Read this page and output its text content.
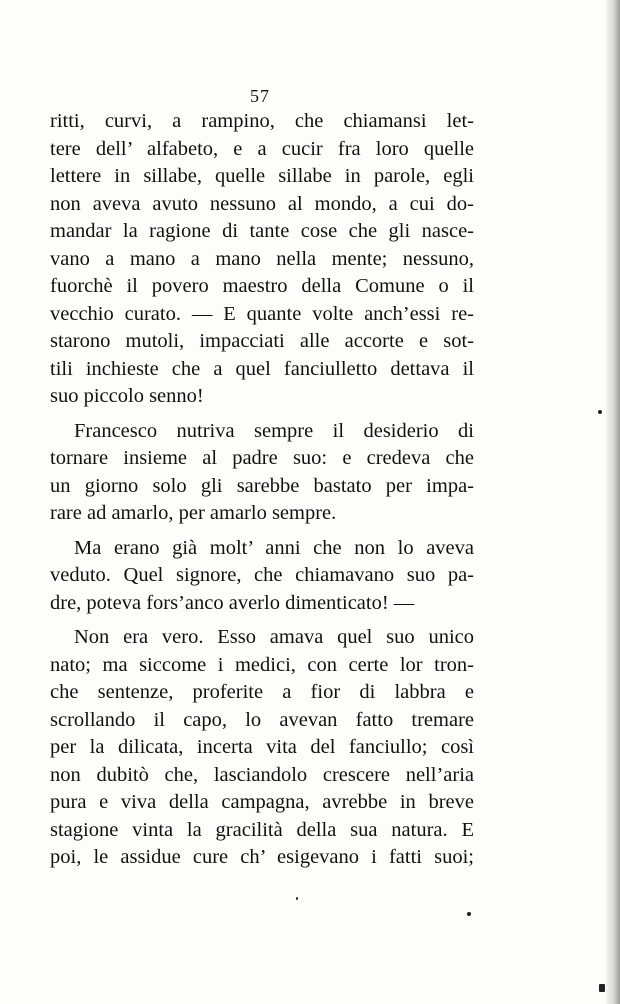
57
ritti, curvi, a rampino, che chiamansi let-
tere dell’ alfabeto, e a cucir fra loro quelle
lettere in sillabe, quelle sillabe in parole, egli
non aveva avuto nessuno al mondo, a cui do-
mandar la ragione di tante cose che gli nasce-
vano a mano a mano nella mente; nessuno,
fuorchè il povero maestro della Comune o il
vecchio curato. — E quante volte anch’essi re-
starono mutoli, impacciati alle accorte e sot-
tili inchieste che a quel fanciulletto dettava il
suo piccolo senno!
Francesco nutriva sempre il desiderio di
tornare insieme al padre suo: e credeva che
un giorno solo gli sarebbe bastato per impa-
rare ad amarlo, per amarlo sempre.
Ma erano già molt’ anni che non lo aveva
veduto. Quel signore, che chiamavano suo pa-
dre, poteva fors’anco averlo dimenticato! —
Non era vero. Esso amava quel suo unico
nato; ma siccome i medici, con certe lor tron-
che sentenze, proferite a fior di labbra e
scrollando il capo, lo avevan fatto tremare
per la dilicata, incerta vita del fanciullo; così
non dubitò che, lasciandolo crescere nell’aria
pura e viva della campagna, avrebbe in breve
stagione vinta la gracilità della sua natura. E
poi, le assidue cure ch’ esigevano i fatti suoi;
